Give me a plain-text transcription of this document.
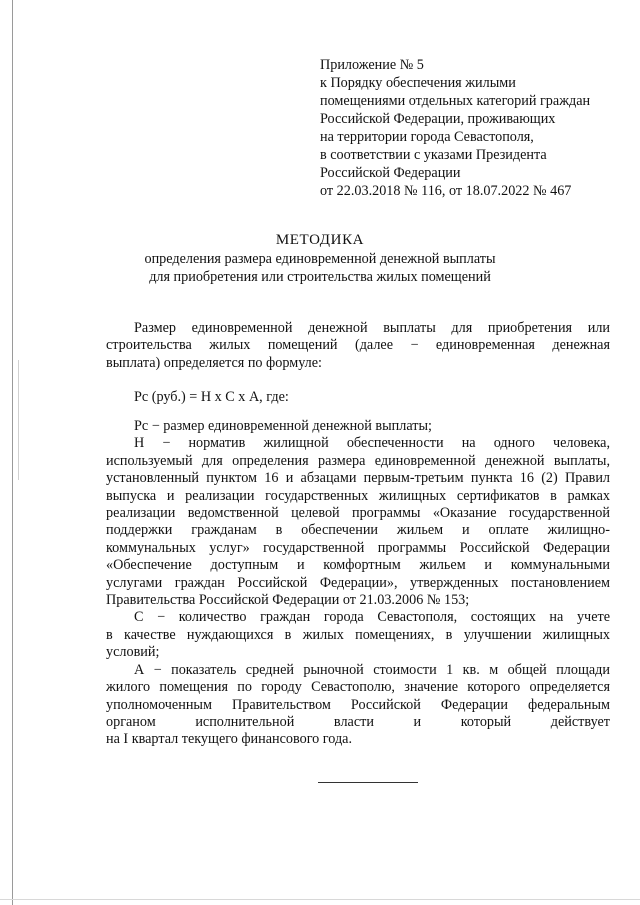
Приложение № 5
к Порядку обеспечения жилыми
помещениями отдельных категорий граждан
Российской Федерации, проживающих
на территории города Севастополя,
в соответствии с указами Президента
Российской Федерации
от 22.03.2018 № 116, от 18.07.2022 № 467
МЕТОДИКА
определения размера единовременной денежной выплаты
для приобретения или строительства жилых помещений
Размер единовременной денежной выплаты для приобретения или
строительства жилых помещений (далее − единовременная денежная
выплата) определяется по формуле:
Рс (руб.) = Н х С х А, где:
Рс − размер единовременной денежной выплаты;
Н − норматив жилищной обеспеченности на одного человека,
используемый для определения размера единовременной денежной выплаты,
установленный пунктом 16 и абзацами первым-третьим пункта 16 (2) Правил
выпуска и реализации государственных жилищных сертификатов в рамках
реализации ведомственной целевой программы «Оказание государственной
поддержки гражданам в обеспечении жильем и оплате жилищно-
коммунальных услуг» государственной программы Российской Федерации
«Обеспечение доступным и комфортным жильем и коммунальными
услугами граждан Российской Федерации», утвержденных постановлением
Правительства Российской Федерации от 21.03.2006 № 153;
С − количество граждан города Севастополя, состоящих на учете
в качестве нуждающихся в жилых помещениях, в улучшении жилищных
условий;
А − показатель средней рыночной стоимости 1 кв. м общей площади
жилого помещения по городу Севастополю, значение которого определяется
уполномоченным Правительством Российской Федерации федеральным
органом исполнительной власти и который действует
на I квартал текущего финансового года.
